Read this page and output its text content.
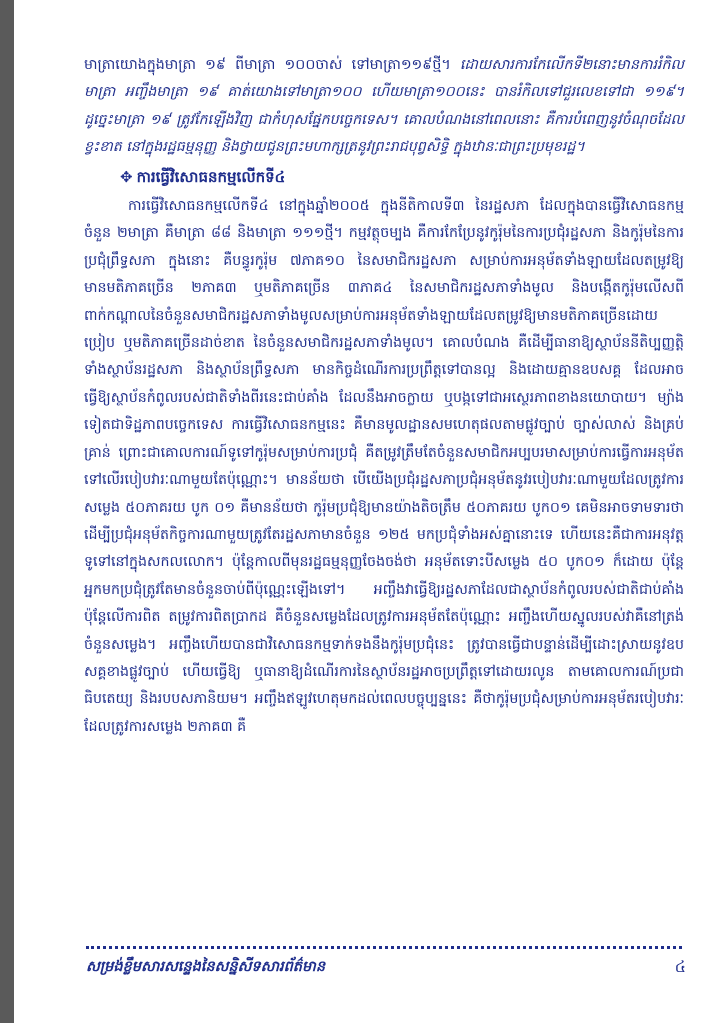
មាត្រាយោងក្នុងមាត្រា ១៩ ពីមាត្រា ១០០ចាស់ ទៅមាត្រា១១៩ថ្មី។ ដោយសារការកែលើកទី២នោះមានការរំកិលមាត្រា អញ្ចឹងមាត្រា ១៩ គាត់យោងទៅមាត្រា១០០ ហើយមាត្រា១០០នេះ បានរំកិលទៅជួរលេខទៅជា ១១៩។ ដូច្នេះមាត្រា ១៩ ត្រូវកែឡើងវិញ ជាកំហុសផ្នែកបច្ចេកទេស។ គោលបំណងនៅពេលនោះ គឺការបំពេញនូវចំណុចដែលខ្វះខាត នៅក្នុងរដ្ឋធម្មនុញ្ញ និងថ្វាយជូនព្រះមហាក្សត្រនូវព្រះរាជបុព្វសិទ្ធិ ក្នុងឋានៈជាព្រះប្រមុខរដ្ឋ។

✥ ការធ្វើវិសោធនកម្មលើកទី៤

ការធ្វើវិសោធនកម្មលើកទី៤ នៅក្នុងឆ្នាំ២០០៥ ក្នុងនីតិកាលទី៣ នៃរដ្ឋសភា ដែលក្នុងបានធ្វើវិសោធនកម្ម ចំនួន ២មាត្រា គឺមាត្រា ៨៨ និងមាត្រា ១១១ថ្មី។ កម្មវត្ថុចម្បង គឺការកែប្រែនូវកូរ៉ុមនៃការប្រជុំរដ្ឋសភា និងកូរ៉ុមនៃការប្រជុំព្រឹទ្ធសភា ក្នុងនោះ គឺបន្ធូរកូរ៉ុម ៧ភាគ១០ នៃសមាជិករដ្ឋសភា សម្រាប់ការអនុម័តទាំងឡាយដែលតម្រូវឱ្យមានមតិភាគច្រើន ២ភាគ៣ ឬមតិភាគច្រើន ៣ភាគ៤ នៃសមាជិករដ្ឋសភាទាំងមូល និងបង្កើតកូរ៉ុមលើសពីពាក់កណ្ដាលនៃចំនួនសមាជិករដ្ឋសភាទាំងមូលសម្រាប់ការអនុម័តទាំងឡាយដែលតម្រូវឱ្យមានមតិភាគច្រើនដោយប្រៀប ឬមតិភាគច្រើនដាច់ខាត នៃចំនួនសមាជិករដ្ឋសភាទាំងមូល។ គោលបំណង គឺដើម្បីធានាឱ្យស្ថាប័ននីតិប្បញ្ញត្តិ ទាំងស្ថាប័នរដ្ឋសភា និងស្ថាប័នព្រឹទ្ធសភា មានកិច្ចដំណើរការប្រព្រឹត្តទៅបានល្អ និងដោយគ្មានឧបសគ្គ ដែលអាចធ្វើឱ្យស្ថាប័នកំពូលរបស់ជាតិទាំងពីរនេះជាប់គាំង ដែលនឹងអាចក្លាយ ឬបង្កទៅជាអស្ថេរភាពខាងនយោបាយ។ ម្យ៉ាងទៀតជាទិដ្ឋភាពបច្ចេកទេស ការធ្វើវិសោធនកម្មនេះ គឺមានមូលដ្ឋានសមហេតុផលតាមផ្លូវច្បាប់ ច្បាស់លាស់ និងគ្រប់គ្រាន់ ព្រោះជាគោលការណ៍ទូទៅកូរ៉ុមសម្រាប់ការប្រជុំ គឺតម្រូវត្រឹមតែចំនួនសមាជិកអប្បបរមាសម្រាប់ការធ្វើការអនុម័តទៅលើរបៀបវារៈណាមួយតែប៉ុណ្ណោះ។ មានន័យថា បើយើងប្រជុំរដ្ឋសភាប្រជុំអនុម័តនូវរបៀបវារៈណាមួយដែលត្រូវការសម្លេង ៥០ភាគរយ បូក ០១ គឺមានន័យថា កូរ៉ុមប្រជុំឱ្យមានយ៉ាងតិចត្រឹម ៥០ភាគរយ បូក០១ គេមិនអាចទាមទារថាដើម្បីប្រជុំអនុម័តកិច្ចការណាមួយត្រូវតែរដ្ឋសភាមានចំនួន ១២៥ មកប្រជុំទាំងអស់គ្នានោះទេ ហើយនេះគឺជាការអនុវត្តទូទៅនៅក្នុងសកលលោក។ ប៉ុន្តែកាលពីមុនរដ្ឋធម្មនុញ្ញចែងចង់ថា អនុម័តទោះបីសម្លេង ៥០ បូក០១ ក៏ដោយ ប៉ុន្តែអ្នកមកប្រជុំត្រូវតែមានចំនួនចាប់ពីប៉ុណ្ណេះឡើងទៅ។ អញ្ចឹងវាធ្វើឱ្យរដ្ឋសភាដែលជាស្ថាប័នកំពូលរបស់ជាតិជាប់គាំង ប៉ុន្តែលើការពិត តម្រូវការពិតប្រាកដ គឺចំនួនសម្លេងដែលត្រូវការអនុម័តតែប៉ុណ្ណោះ អញ្ចឹងហើយស្នូលរបស់វាគឺនៅត្រង់ចំនួនសម្លេង។ អញ្ចឹងហើយបានជាវិសោធនកម្មទាក់ទងនឹងកូរ៉ុមប្រជុំនេះ ត្រូវបានធ្វើជាបន្ទាន់ដើម្បីដោះស្រាយនូវឧបសគ្គខាងផ្លូវច្បាប់ ហើយធ្វើឱ្យ ឬធានាឱ្យដំណើរការនៃស្ថាប័នរដ្ឋអាចប្រព្រឹត្តទៅដោយរលូន តាមគោលការណ៍ប្រជាធិបតេយ្យ និងរបបសភានិយម។ អញ្ចឹងឥឡូវហេតុមកដល់ពេលបច្ចុប្បន្ននេះ គឺថាកូរ៉ុមប្រជុំសម្រាប់ការអនុម័តរបៀបវារៈដែលត្រូវការសម្លេង ២ភាគ៣ គឺ

សម្រង់ខ្លឹមសារសន្ទេងនៃសន្និសីទសារព័ត៌មាន	៤
